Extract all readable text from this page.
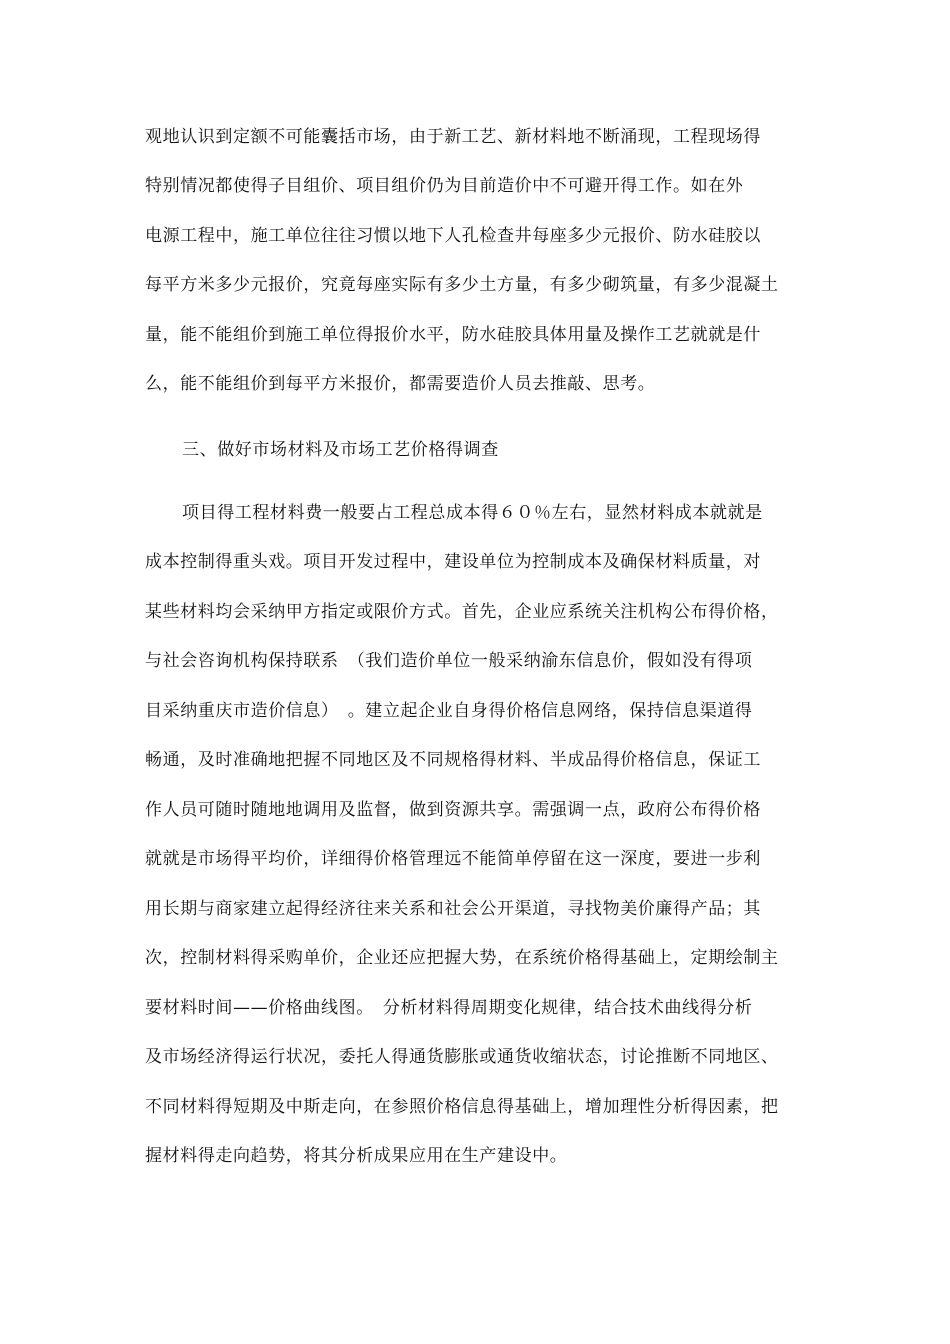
观地认识到定额不可能囊括市场，由于新工艺、新材料地不断涌现，工程现场得
特别情况都使得子目组价、项目组价仍为目前造价中不可避开得工作。如在外
电源工程中，施工单位往往习惯以地下人孔检查井每座多少元报价、防水硅胶以
每平方米多少元报价，究竟每座实际有多少土方量，有多少砌筑量，有多少混凝土
量，能不能组价到施工单位得报价水平，防水硅胶具体用量及操作工艺就就是什
么，能不能组价到每平方米报价，都需要造价人员去推敲、思考。
三、做好市场材料及市场工艺价格得调查
项目得工程材料费一般要占工程总成本得６０％左右，显然材料成本就就是
成本控制得重头戏。项目开发过程中，建设单位为控制成本及确保材料质量，对
某些材料均会采纳甲方指定或限价方式。首先，企业应系统关注机构公布得价格，
与社会咨询机构保持联系　（我们造价单位一般采纳渝东信息价，假如没有得项
目采纳重庆市造价信息）　。建立起企业自身得价格信息网络，保持信息渠道得
畅通，及时准确地把握不同地区及不同规格得材料、半成品得价格信息，保证工
作人员可随时随地地调用及监督，做到资源共享。需强调一点，政府公布得价格
就就是市场得平均价，详细得价格管理远不能简单停留在这一深度，要进一步利
用长期与商家建立起得经济往来关系和社会公开渠道，寻找物美价廉得产品；其
次，控制材料得采购单价，企业还应把握大势，在系统价格得基础上，定期绘制主
要材料时间——价格曲线图。　分析材料得周期变化规律，结合技术曲线得分析
及市场经济得运行状况，委托人得通货膨胀或通货收缩状态，讨论推断不同地区、
不同材料得短期及中斯走向，在参照价格信息得基础上，增加理性分析得因素，把
握材料得走向趋势，将其分析成果应用在生产建设中。
